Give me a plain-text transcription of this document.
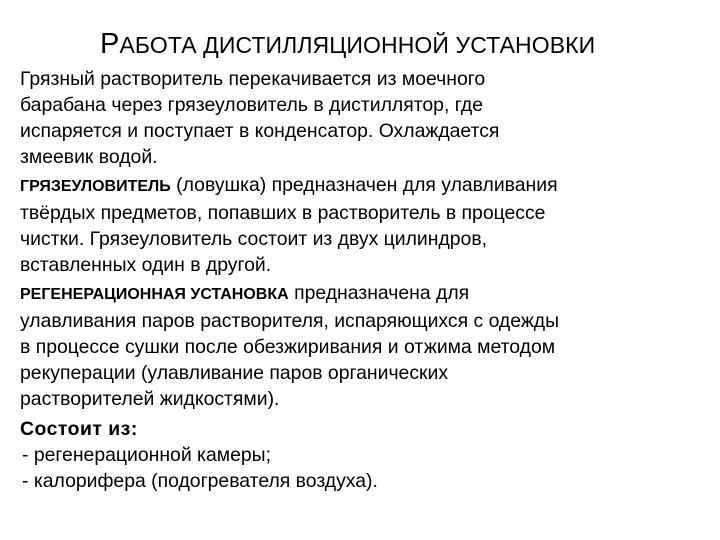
РАБОТА ДИСТИЛЛЯЦИОННОЙ УСТАНОВКИ

Грязный растворитель перекачивается из моечного
барабана через грязеуловитель в дистиллятор, где
испаряется и поступает в конденсатор. Охлаждается
змеевик водой.

ГРЯЗЕУЛОВИТЕЛЬ (ловушка) предназначен для улавливания
твёрдых предметов, попавших в растворитель в процессе
чистки. Грязеуловитель состоит из двух цилиндров,
вставленных один в другой.

РЕГЕНЕРАЦИОННАЯ УСТАНОВКА предназначена для
улавливания паров растворителя, испаряющихся с одежды
в процессе сушки после обезжиривания и отжима методом
рекуперации (улавливание паров органических
растворителей жидкостями).

Состоит из:

- регенерационной камеры;
- калорифера (подогревателя воздуха).
